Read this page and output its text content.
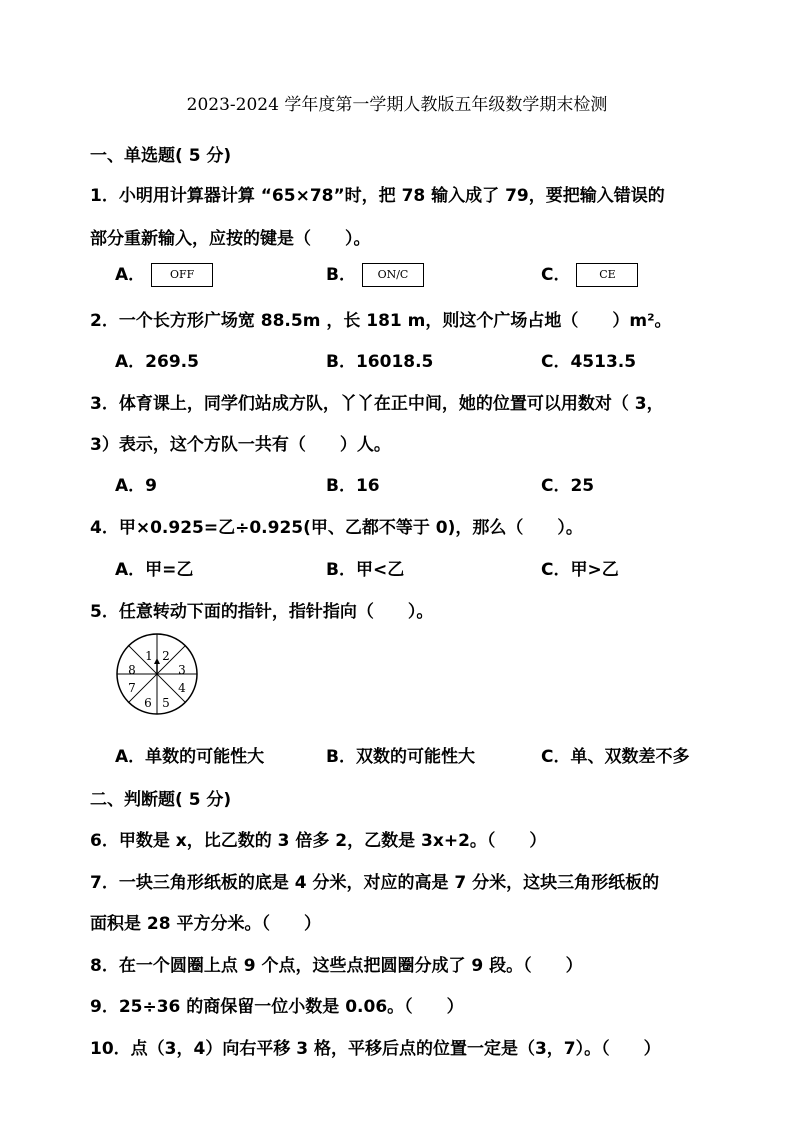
2023-2024 学年度第一学期人教版五年级数学期末检测
一、单选题( 5 分)
1．小明用计算器计算 “65×78”时，把 78 输入成了 79，要把输入错误的
部分重新输入，应按的键是（　　）。
A． OFF	B． ON/C	C．	CE
2．一个长方形广场宽 88.5m ，长 181 m，则这个广场占地（　　）m²。
A．269.5	B．16018.5	C．4513.5
3．体育课上，同学们站成方队，丫丫在正中间，她的位置可以用数对（ 3，
3）表示，这个方队一共有（　　）人。
A．9	B．16	C．25
4．甲×0.925=乙÷0.925(甲、乙都不等于 0)，那么（　　）。
A．甲=乙	B．甲<乙	C．甲>乙
5．任意转动下面的指针，指针指向（　　）。
1 2
3
4
5
6
7
8
A．单数的可能性大	B．双数的可能性大	C．单、双数差不多
二、判断题( 5 分)
6．甲数是 x，比乙数的 3 倍多 2，乙数是 3x+2。（　　）
7．一块三角形纸板的底是 4 分米，对应的高是 7 分米，这块三角形纸板的
面积是 28 平方分米。（　　）
8．在一个圆圈上点 9 个点，这些点把圆圈分成了 9 段。（　　）
9．25÷36 的商保留一位小数是 0.06。（　　）
10．点（3，4）向右平移 3 格，平移后点的位置一定是（3，7）。（　　）
